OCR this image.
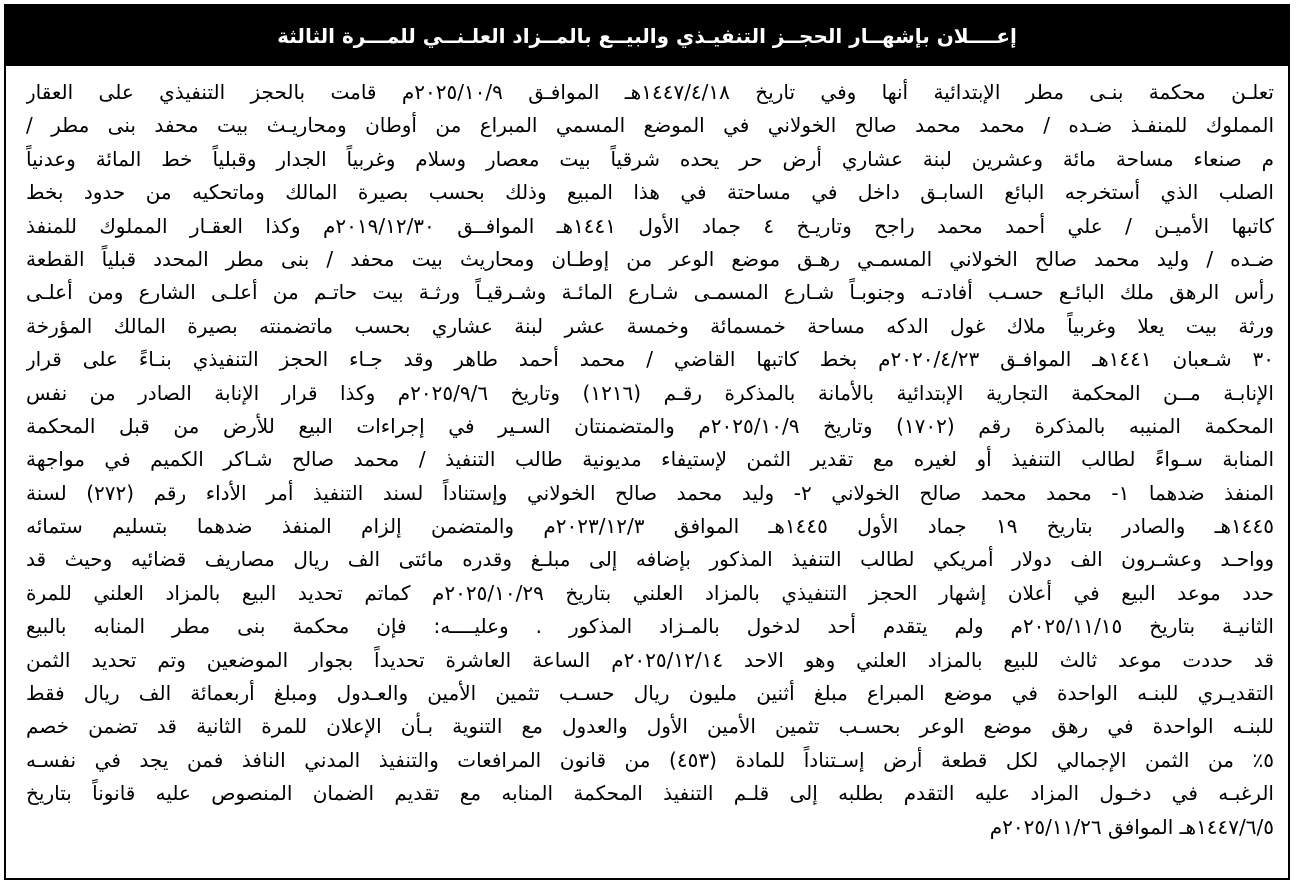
إعــــلان بإشهــار الحجــز التنفيـذي والبيــع بالمــزاد العلـنــي للمـــرة الثالثة
تعلـن محكمة بنـى مطر الإبتدائية أنها وفي تاريخ ١٤٤٧/٤/١٨هـ الموافـق ٢٠٢٥/١٠/٩م قامت بالحجز التنفيذي على العقار
المملوك للمنفـذ ضـده / محمد محمد صالح الخولاني في الموضع المسمي المبراع من أوطان ومحاريـث بيت محفد بنى مطر /
م صنعاء مساحة مائة وعشرين لبنة عشاري أرض حر يحده شرقياً بيت معصار وسلام وغربياً الجدار وقبلياً خط المائة وعدنياً
الصلب الذي أستخرجه البائع السابـق داخل في مساحتة في هذا المبيع وذلك بحسب بصيرة المالك وماتحكيه من حدود بخط
كاتبها الأميـن / علي أحمد محمد راجح وتاريـخ ٤ جماد الأول ١٤٤١هـ الموافــق ٢٠١٩/١٢/٣٠م وكذا العقـار المملوك للمنفذ
ضـده / وليد محمد صالح الخولاني المسمـي رهـق موضع الوعر من إوطـان ومحاريث بيت محفد / بنى مطر المحدد قبلياً القطعة
رأس الرهق ملك البائـع حسـب أفادتـه وجنوبـاً شـارع المسمـى شـارع المائـة وشـرقيـاً ورثـة بيت حاتـم من أعلـى الشارع ومن أعلـى
ورثة بيت يعلا وغربياً ملاك غول الدكه مساحة خمسمائة وخمسة عشر لبنة عشاري بحسب ماتضمنته بصيرة المالك المؤرخة
٣٠ شـعبان ١٤٤١هـ الموافـق ٢٠٢٠/٤/٢٣م بخط كاتبها القاضي / محمد أحمد طاهر وقد جـاء الحجز التنفيذي بنـاءً على قرار
الإنابـة مــن المحكمة التجارية الإبتدائية بالأمانة بالمذكرة رقـم (١٢١٦) وتاريخ ٢٠٢٥/٩/٦م وكذا قرار الإنابة الصادر من نفس
المحكمة المنيبه بالمذكرة رقم (١٧٠٢) وتاريخ ٢٠٢٥/١٠/٩م والمتضمنتان السـير في إجراءات البيع للأرض من قبل المحكمة
المنابة سـواءً لطالب التنفيذ أو لغيره مع تقدير الثمن لإستيفاء مديونية طالب التنفيذ / محمد صالح شـاكر الكميم في مواجهة
المنفذ ضدهما ١- محمد محمد صالح الخولاني ٢- وليد محمد صالح الخولاني وإستناداً لسند التنفيذ أمر الأداء رقم (٢٧٢) لسنة
١٤٤٥هـ والصادر بتاريخ ١٩ جماد الأول ١٤٤٥هـ الموافق ٢٠٢٣/١٢/٣م والمتضمن إلزام المنفذ ضدهما بتسليم ستمائه
وواحـد وعشـرون الف دولار أمريكي لطالب التنفيذ المذكور بإضافه إلى مبلـغ وقدره مائتى الف ريال مصاريف قضائيه وحيث قد
حدد موعد البيع في أعلان إشهار الحجز التنفيذي بالمزاد العلني بتاريخ ٢٠٢٥/١٠/٢٩م كماتم تحديد البيع بالمزاد العلني للمرة
الثانيـة بتاريخ ٢٠٢٥/١١/١٥م ولم يتقدم أحد لدخول بالمـزاد المذكور . وعليــــه: فإن محكمة بنى مطر المنابه بالبيع
قد حددت موعد ثالث للبيع بالمزاد العلني وهو الاحد ٢٠٢٥/١٢/١٤م الساعة العاشرة تحديداً بجوار الموضعين وتم تحديد الثمن
التقديـري للبنـه الواحدة في موضع المبراع مبلغ أثنين مليون ريال حسـب تثمين الأمين والعـدول ومبلغ أربعمائة الف ريال فقط
للبنـه الواحدة في رهق موضع الوعر بحسـب تثمين الأمين الأول والعدول مع التنوية بـأن الإعلان للمرة الثانية قد تضمن خصم
٥٪ من الثمن الإجمالي لكل قطعة أرض إسـتناداً للمادة (٤٥٣) من قانون المرافعات والتنفيذ المدني النافذ فمن يجد في نفسـه
الرغبـه في دخـول المزاد عليه التقدم بطلبه إلى قلـم التنفيذ المحكمة المنابه مع تقديم الضمان المنصوص عليه قانوناً بتاريخ
١٤٤٧/٦/٥هـ الموافق ٢٠٢٥/١١/٢٦م
